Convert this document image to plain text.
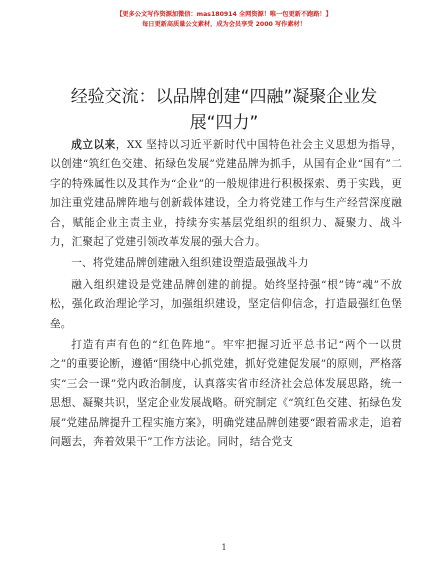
【更多公文写作资源加微信：mas180914 全网资源！唯一包更新不跑路！】
每日更新高质量公文素材，成为会员享受 2000 写作素材！
经验交流：以品牌创建“四融”凝聚企业发
展“四力”

成立以来，XX 坚持以习近平新时代中国特色社会主义思想为指导，以创建“筑红色交建、拓绿色发展”党建品牌为抓手，从国有企业“国有”二字的特殊属性以及其作为“企业”的一般规律进行积极探索、勇于实践，更加注重党建品牌阵地与创新载体建设，全力将党建工作与生产经营深度融合，赋能企业主责主业，持续夯实基层党组织的组织力、凝聚力、战斗力，汇聚起了党建引领改革发展的强大合力。

一、将党建品牌创建融入组织建设塑造最强战斗力

融入组织建设是党建品牌创建的前提。始终坚持强“根”铸“魂”不放松，强化政治理论学习，加强组织建设，坚定信仰信念，打造最强红色堡垒。

打造有声有色的“红色阵地”。牢牢把握习近平总书记“两个一以贯之”的重要论断，遵循“围绕中心抓党建，抓好党建促发展”的原则，严格落实“三会一课”党内政治制度，认真落实省市经济社会总体发展思路，统一思想、凝聚共识，坚定企业发展战略。研究制定《“筑红色交建、拓绿色发展”党建品牌提升工程实施方案》，明确党建品牌创建要“跟着需求走，追着问题去，奔着效果干”工作方法论。同时，结合党支

1
